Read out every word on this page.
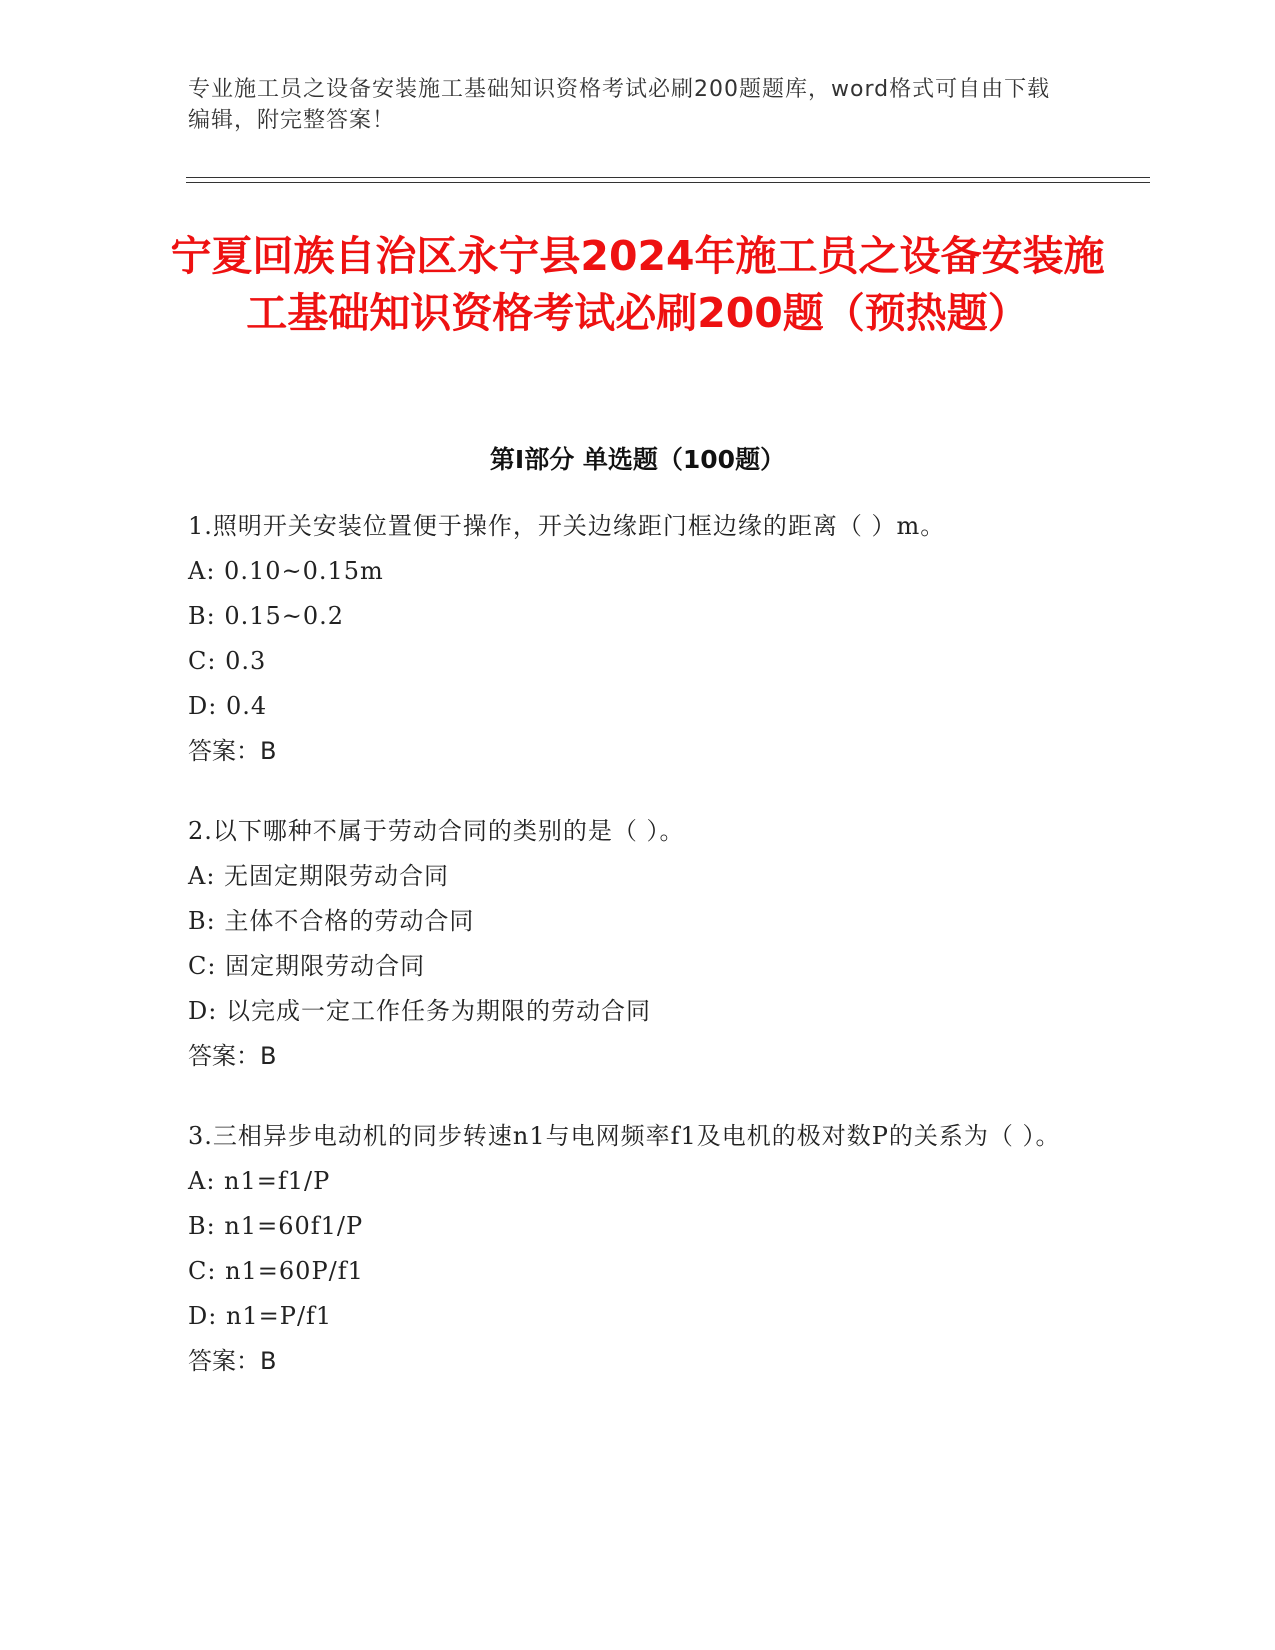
专业施工员之设备安装施工基础知识资格考试必刷200题题库，word格式可自由下载编辑，附完整答案！
宁夏回族自治区永宁县2024年施工员之设备安装施工基础知识资格考试必刷200题（预热题）
第I部分 单选题（100题）
1.照明开关安装位置便于操作，开关边缘距门框边缘的距离（ ）m。
A: 0.10~0.15m
B: 0.15~0.2
C: 0.3
D: 0.4
答案：B
2.以下哪种不属于劳动合同的类别的是（ ）。
A: 无固定期限劳动合同
B: 主体不合格的劳动合同
C: 固定期限劳动合同
D: 以完成一定工作任务为期限的劳动合同
答案：B
3.三相异步电动机的同步转速n1与电网频率f1及电机的极对数P的关系为（ ）。
A: n1=f1/P
B: n1=60f1/P
C: n1=60P/f1
D: n1=P/f1
答案：B
